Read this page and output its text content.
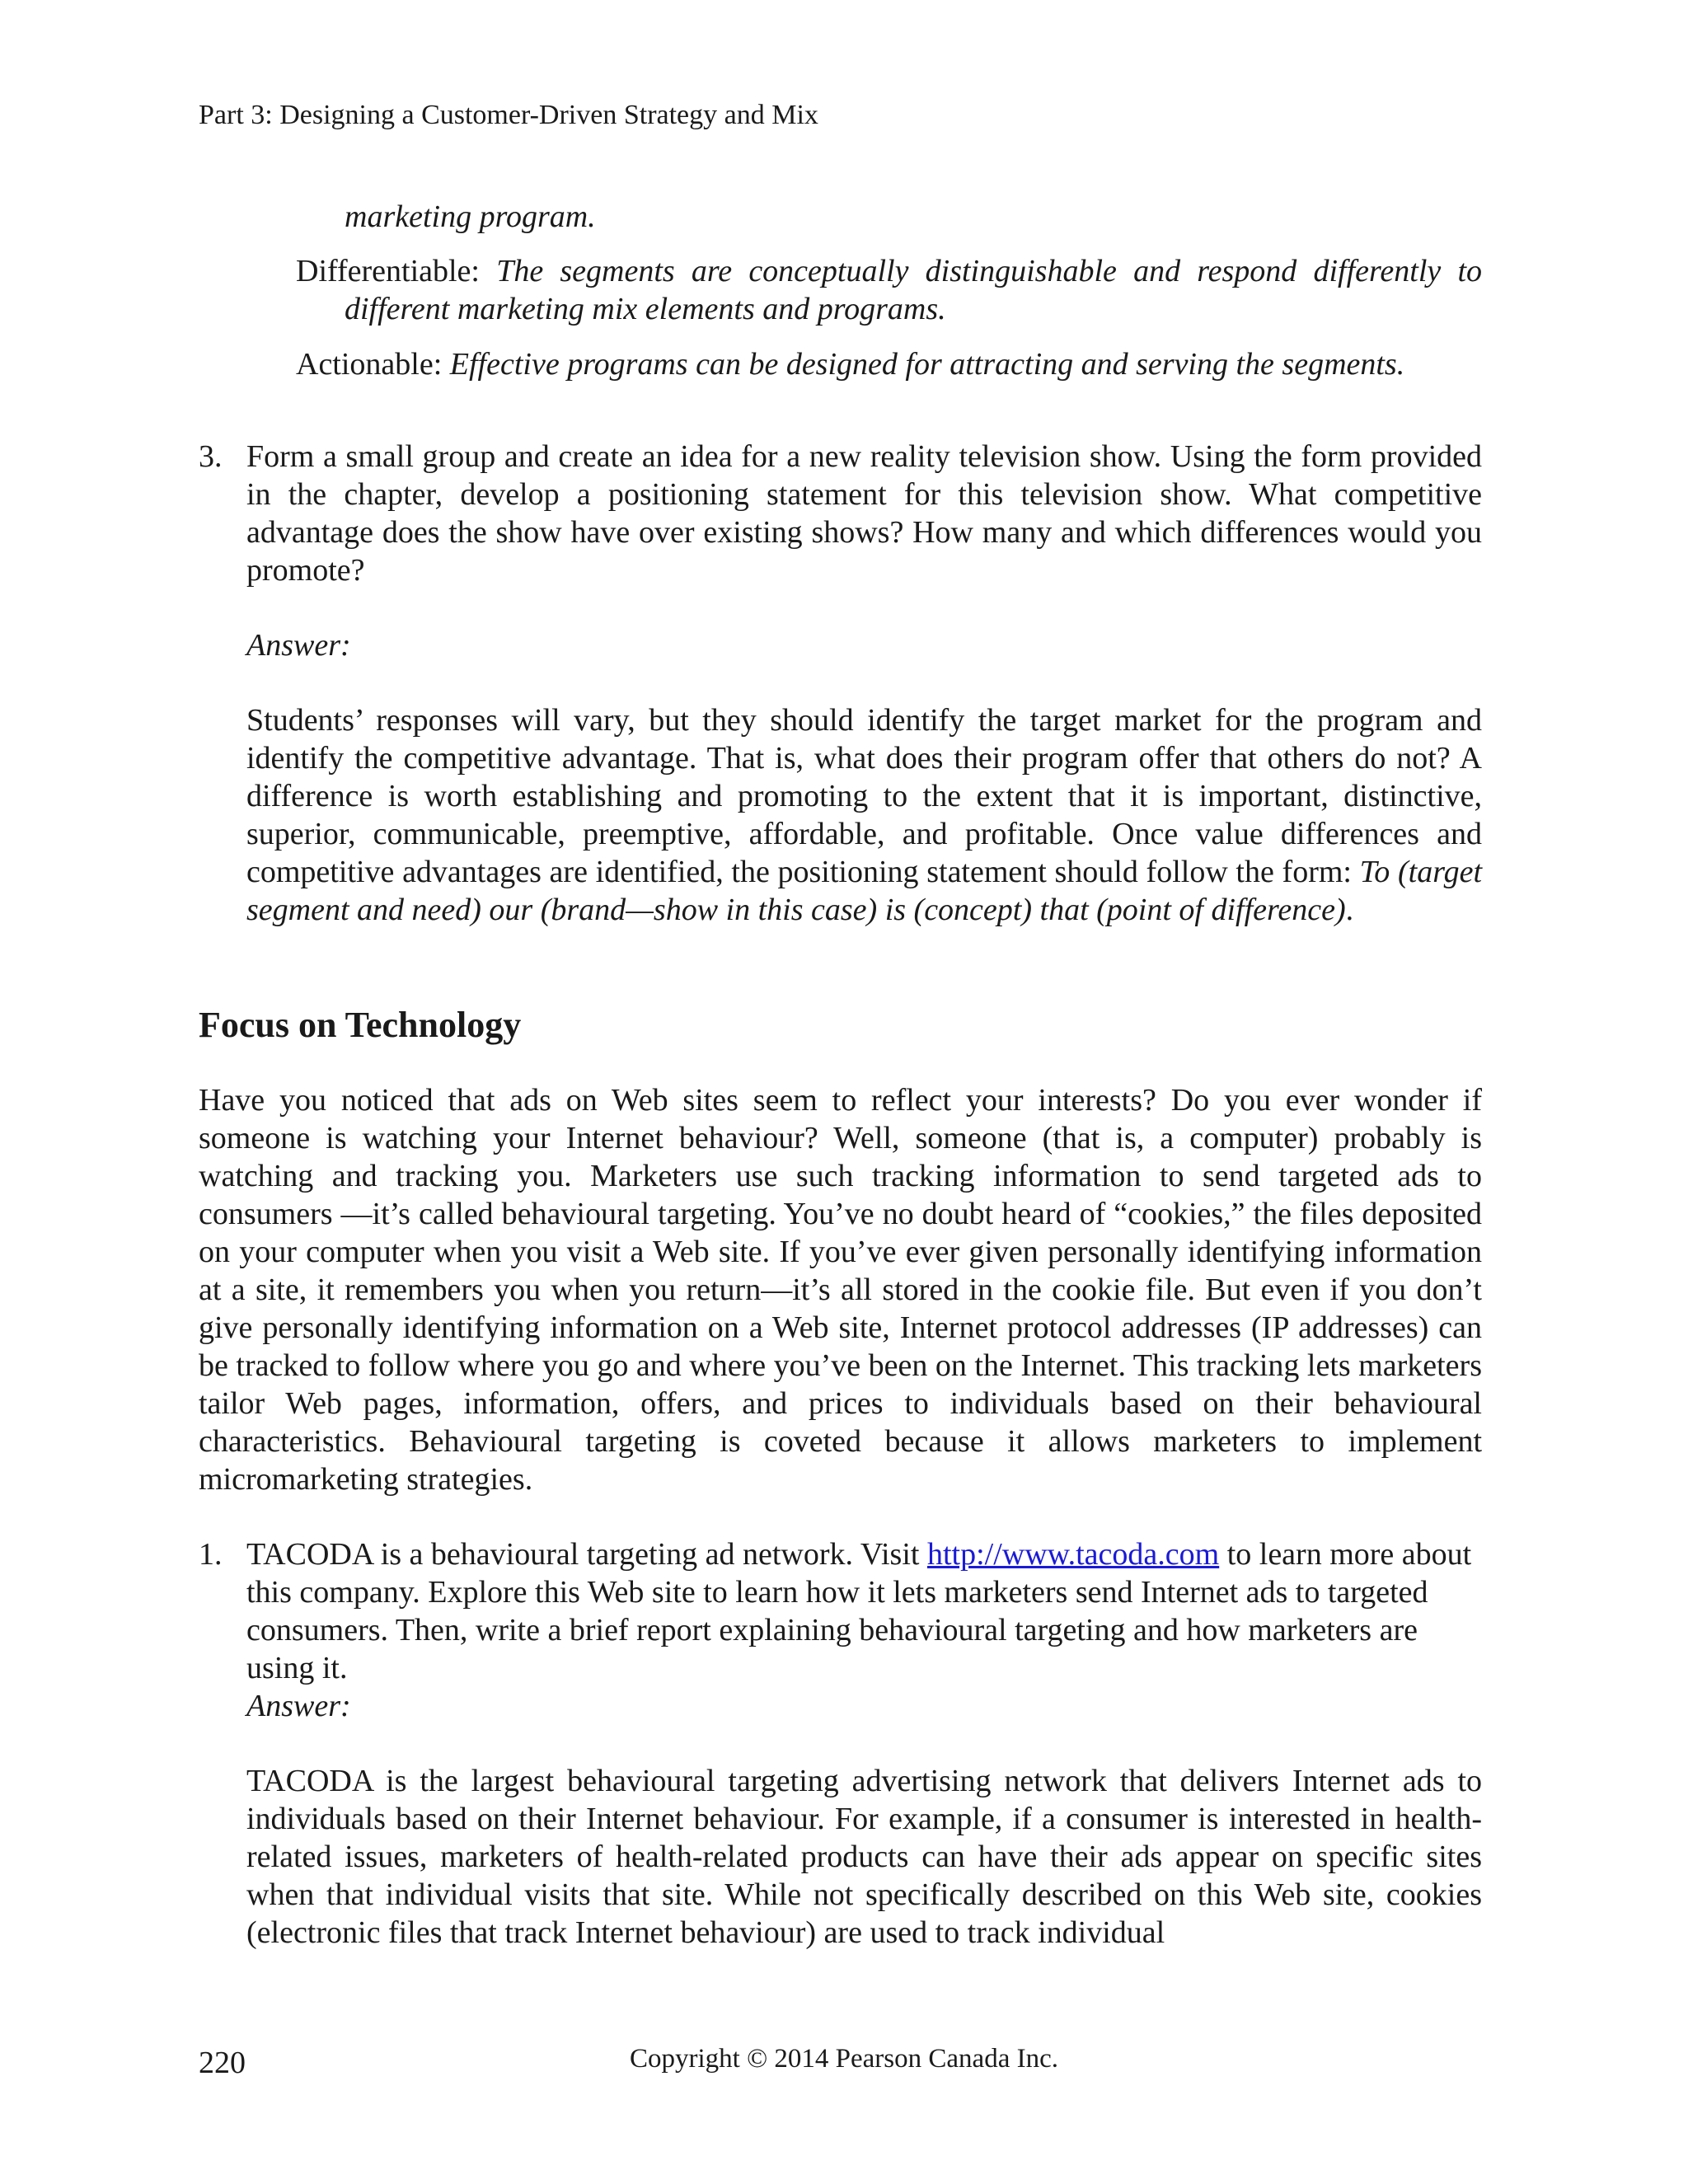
Part 3: Designing a Customer-Driven Strategy and Mix

marketing program.

Differentiable: The segments are conceptually distinguishable and respond differently to different marketing mix elements and programs.

Actionable: Effective programs can be designed for attracting and serving the segments.

3. Form a small group and create an idea for a new reality television show. Using the form provided in the chapter, develop a positioning statement for this television show. What competitive advantage does the show have over existing shows? How many and which differences would you promote?

Answer:

Students’ responses will vary, but they should identify the target market for the program and identify the competitive advantage. That is, what does their program offer that others do not? A difference is worth establishing and promoting to the extent that it is important, distinctive, superior, communicable, preemptive, affordable, and profitable. Once value differences and competitive advantages are identified, the positioning statement should follow the form: To (target segment and need) our (brand—show in this case) is (concept) that (point of difference).

Focus on Technology

Have you noticed that ads on Web sites seem to reflect your interests? Do you ever wonder if someone is watching your Internet behaviour? Well, someone (that is, a computer) probably is watching and tracking you. Marketers use such tracking information to send targeted ads to consumers —it’s called behavioural targeting. You’ve no doubt heard of “cookies,” the files deposited on your computer when you visit a Web site. If you’ve ever given personally identifying information at a site, it remembers you when you return—it’s all stored in the cookie file. But even if you don’t give personally identifying information on a Web site, Internet protocol addresses (IP addresses) can be tracked to follow where you go and where you’ve been on the Internet. This tracking lets marketers tailor Web pages, information, offers, and prices to individuals based on their behavioural characteristics. Behavioural targeting is coveted because it allows marketers to implement micromarketing strategies.

1. TACODA is a behavioural targeting ad network. Visit http://www.tacoda.com to learn more about this company. Explore this Web site to learn how it lets marketers send Internet ads to targeted consumers. Then, write a brief report explaining behavioural targeting and how marketers are using it.

Answer:

TACODA is the largest behavioural targeting advertising network that delivers Internet ads to individuals based on their Internet behaviour. For example, if a consumer is interested in health-related issues, marketers of health-related products can have their ads appear on specific sites when that individual visits that site. While not specifically described on this Web site, cookies (electronic files that track Internet behaviour) are used to track individual

220	Copyright © 2014 Pearson Canada Inc.
